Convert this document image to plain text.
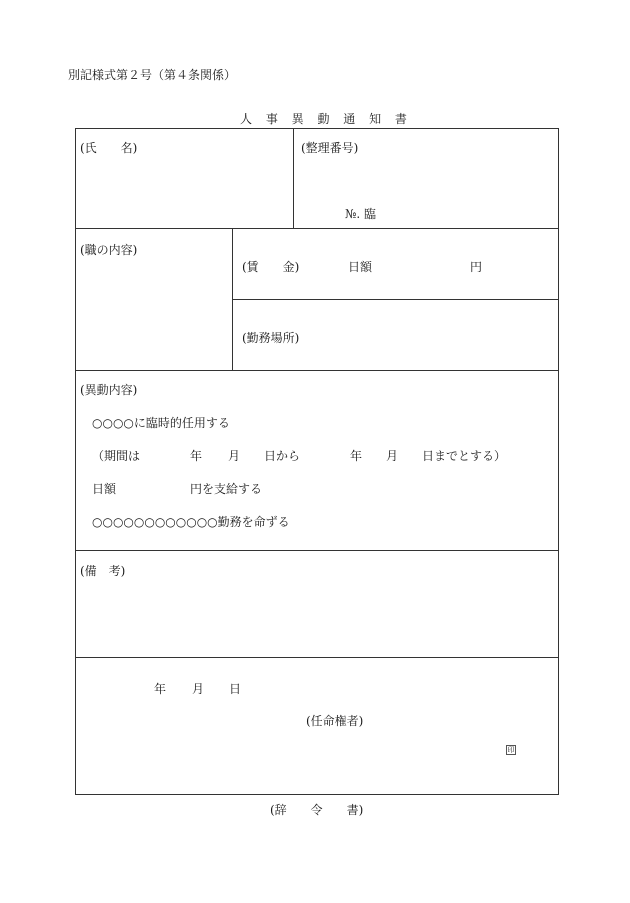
別記様式第２号（第４条関係）
人 事 異 動 通 知 書
(氏　　名)	(整理番号)
№. 臨
(職の内容)
(賃　　金)	日額	円
(勤務場所)
(異動内容)
○○○○に臨時的任用する
（期間は	年 月 日から	年 月 日までとする）
日額	円を支給する
○○○○○○○○○○○○勤務を命ずる
(備　考)
年 月 日
(任命権者)
印
(辞　　令　　書)
